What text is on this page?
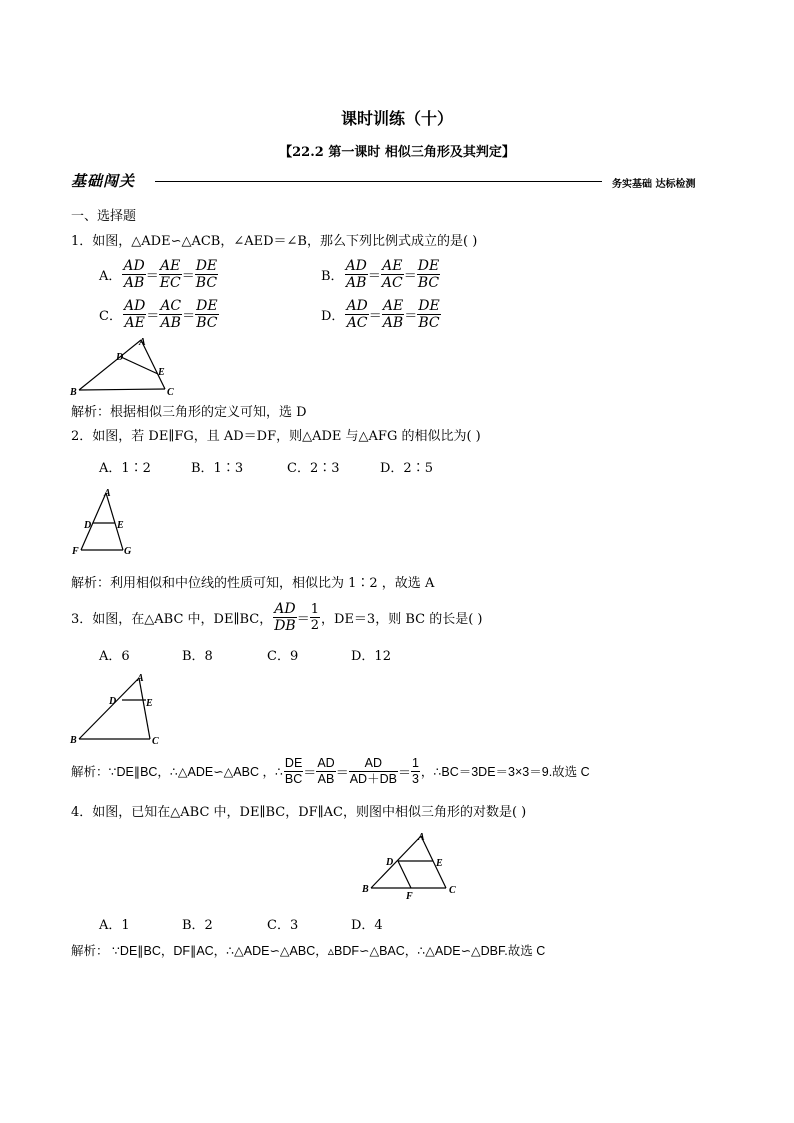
课时训练（十）
【22.2 第一课时 相似三角形及其判定】
基础闯关	务实基础 达标检测
一、选择题
1．如图，△ADE∽△ACB，∠AED＝∠B，那么下列比例式成立的是( )
A． $\frac{AD}{AB} = \frac{AE}{EC} = \frac{DE}{BC}$	B． $\frac{AD}{AB} = \frac{AE}{AC} = \frac{DE}{BC}$
C． $\frac{AD}{AE} = \frac{AC}{AB} = \frac{DE}{BC}$	D． $\frac{AD}{AC} = \frac{AE}{AB} = \frac{DE}{BC}$
A
D
E
B	C
解析：根据相似三角形的定义可知，选 D
2．如图，若 DE∥FG，且 AD＝DF，则△ADE 与△AFG 的相似比为( )
A．1∶2	B．1∶3	C．2∶3	D．2∶5
A
D	E
F	G
解析：利用相似和中位线的性质可知，相似比为 1∶2 ，故选 A
3．如图，在△ABC 中，DE∥BC， $\frac{AD}{DB} = \frac{1}{2}$ ，DE＝3，则 BC 的长是( )
A．6	B．8	C．9	D．12
A
D	E
B	C
解析：∵DE∥BC，∴△ADE∽△ABC ，∴ $\frac{DE}{BC} = \frac{AD}{AB} = \frac{AD}{AD+DB} = \frac{1}{3}$ ，∴BC＝3DE＝3×3＝9.故选 C
4．如图，已知在△ABC 中，DE∥BC，DF∥AC，则图中相似三角形的对数是( )
A
D	E
B
F
C
A．1	B．2	C．3	D．4
解析： ∵DE∥BC，DF∥AC，∴△ADE∽△ABC，▵BDF∽△BAC，∴△ADE∽△DBF.故选 C
